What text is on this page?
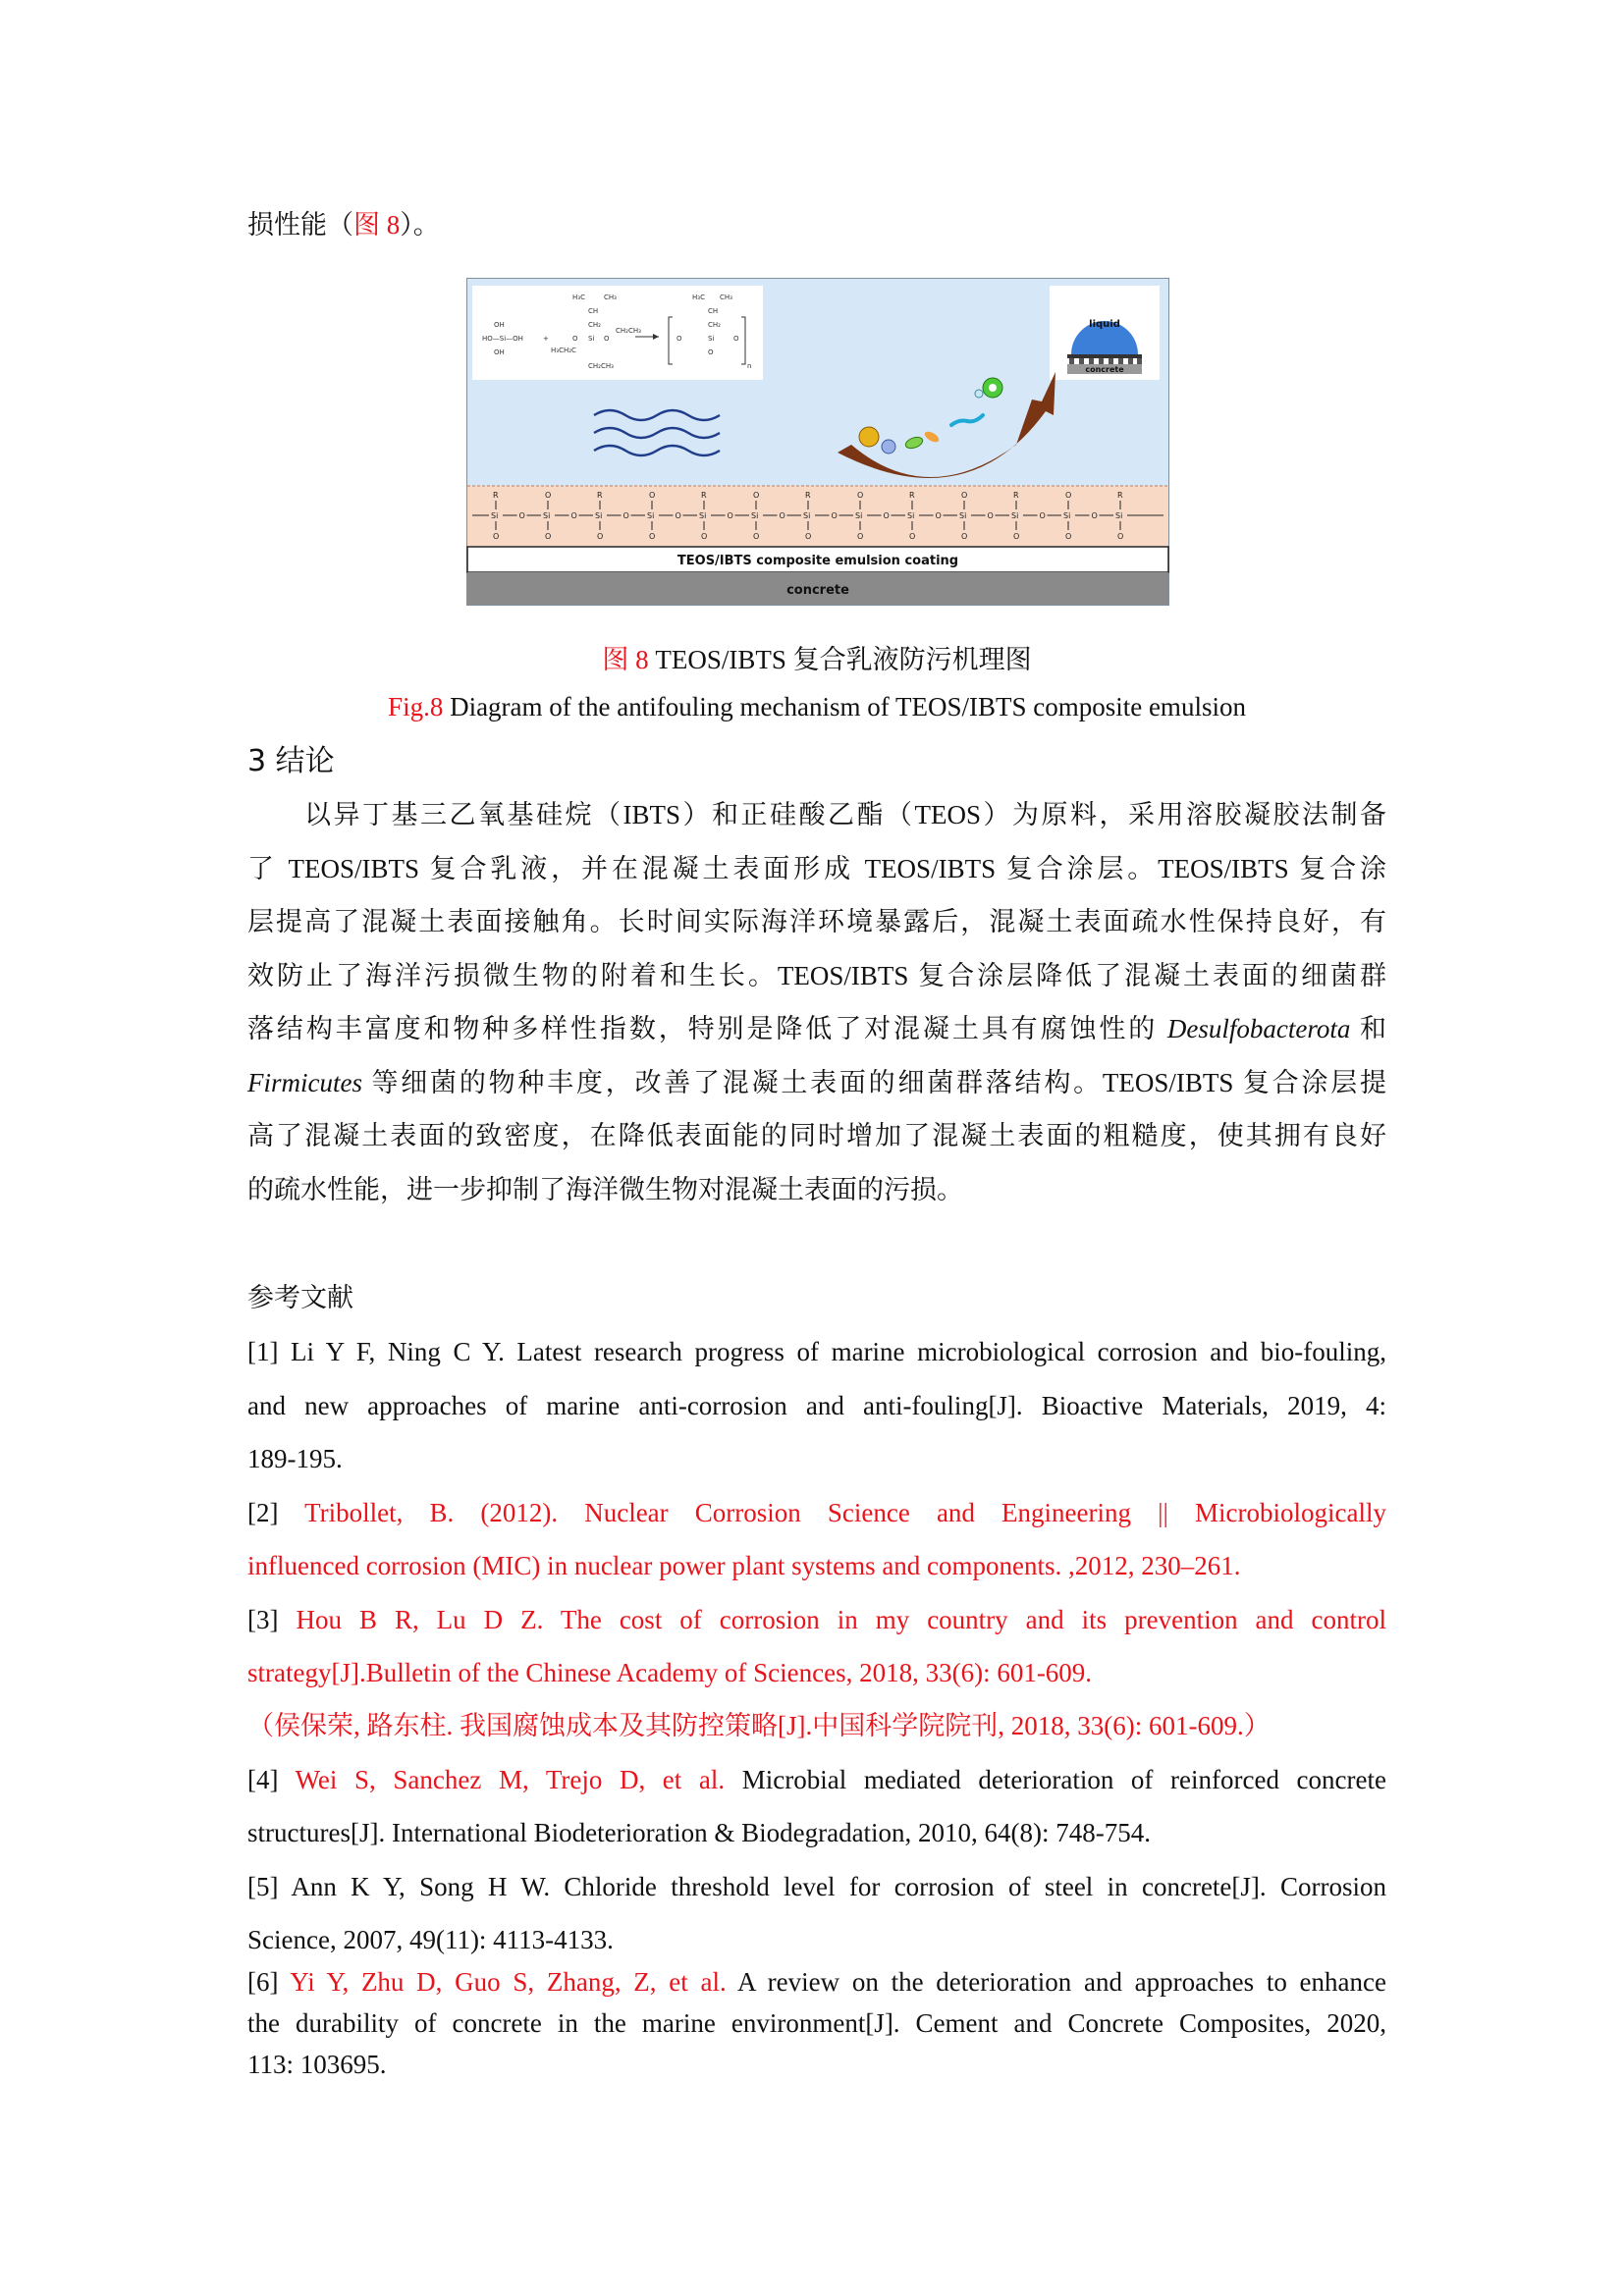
损性能（图 8）。
H₃C	CH₃
CH
CH₂
OH
HO—Si—OH
OH
+	O Si O
CH₂CH₃
H₃CH₂C
CH₂CH₃
H₃C CH₃
CH
CH₂
O	Si	O
O
n
liquid
concrete
R
Si
O
O
O
Si
O
O
R
Si
O
O
O
Si
O
O
R
Si
O
O
O
Si
O
O
R
Si
O
O
O
Si
O
O
R
Si
O
O
O
Si
O
O
R
Si
O
O
O
Si
O
O
R
Si
O
TEOS/IBTS composite emulsion coating
concrete
图 8 TEOS/IBTS 复合乳液防污机理图
Fig.8 Diagram of the antifouling mechanism of TEOS/IBTS composite emulsion
3 结论
以异丁基三乙氧基硅烷（IBTS）和正硅酸乙酯（TEOS）为原料，采用溶胶凝胶法制备
了 TEOS/IBTS 复合乳液，并在混凝土表面形成 TEOS/IBTS 复合涂层。TEOS/IBTS 复合涂
层提高了混凝土表面接触角。长时间实际海洋环境暴露后，混凝土表面疏水性保持良好，有
效防止了海洋污损微生物的附着和生长。TEOS/IBTS 复合涂层降低了混凝土表面的细菌群
落结构丰富度和物种多样性指数，特别是降低了对混凝土具有腐蚀性的 Desulfobacterota 和
Firmicutes 等细菌的物种丰度，改善了混凝土表面的细菌群落结构。TEOS/IBTS 复合涂层提
高了混凝土表面的致密度，在降低表面能的同时增加了混凝土表面的粗糙度，使其拥有良好
的疏水性能，进一步抑制了海洋微生物对混凝土表面的污损。
参考文献
[1] Li Y F, Ning C Y. Latest research progress of marine microbiological corrosion and bio-fouling,
and new approaches of marine anti-corrosion and anti-fouling[J]. Bioactive Materials, 2019, 4:
189-195.
[2] Tribollet, B. (2012). Nuclear Corrosion Science and Engineering || Microbiologically
influenced corrosion (MIC) in nuclear power plant systems and components. ,2012, 230–261.
[3] Hou B R, Lu D Z. The cost of corrosion in my country and its prevention and control
strategy[J].Bulletin of the Chinese Academy of Sciences, 2018, 33(6): 601-609.
（侯保荣, 路东柱. 我国腐蚀成本及其防控策略[J].中国科学院院刊, 2018, 33(6): 601-609.）
[4] Wei S, Sanchez M, Trejo D, et al. Microbial mediated deterioration of reinforced concrete
structures[J]. International Biodeterioration & Biodegradation, 2010, 64(8): 748-754.
[5] Ann K Y, Song H W. Chloride threshold level for corrosion of steel in concrete[J]. Corrosion
Science, 2007, 49(11): 4113-4133.
[6] Yi Y, Zhu D, Guo S, Zhang, Z, et al. A review on the deterioration and approaches to enhance
the durability of concrete in the marine environment[J]. Cement and Concrete Composites, 2020,
113: 103695.
